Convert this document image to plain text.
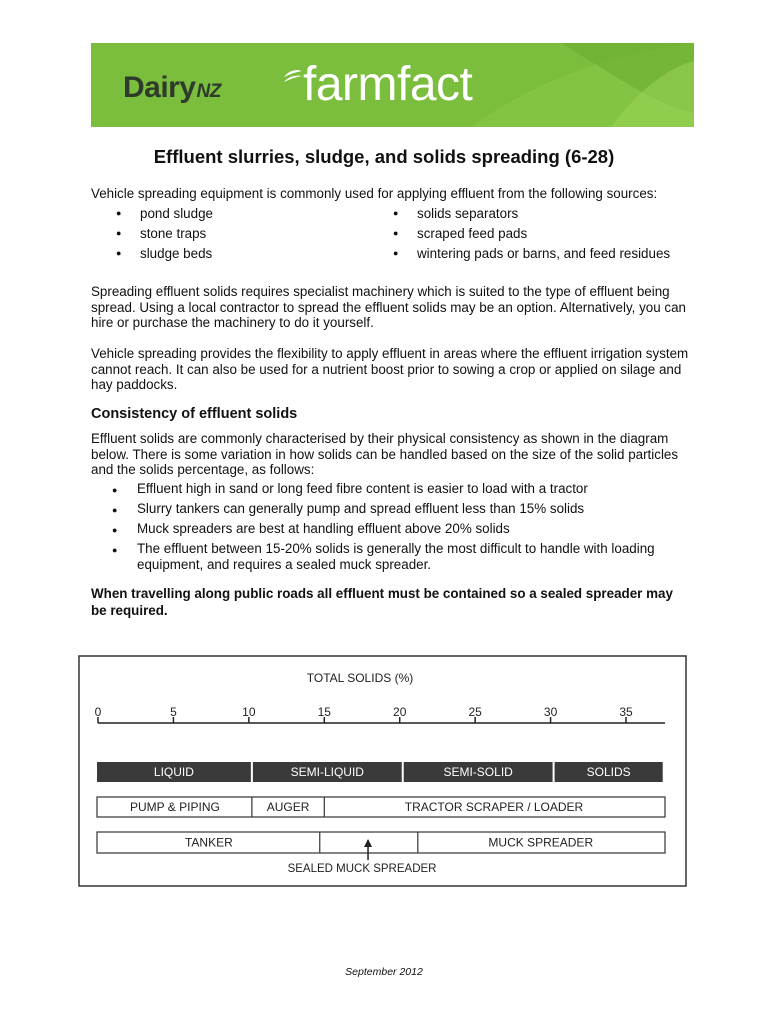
DairyNZ farmfact
Effluent slurries, sludge, and solids spreading (6-28)
Vehicle spreading equipment is commonly used for applying effluent from the following sources:
● pond sludge
● stone traps
● sludge beds
● solids separators
● scraped feed pads
● wintering pads or barns, and feed residues
Spreading effluent solids requires specialist machinery which is suited to the type of effluent being spread. Using a local contractor to spread the effluent solids may be an option. Alternatively, you can hire or purchase the machinery to do it yourself.
Vehicle spreading provides the flexibility to apply effluent in areas where the effluent irrigation system cannot reach. It can also be used for a nutrient boost prior to sowing a crop or applied on silage and hay paddocks.
Consistency of effluent solids
Effluent solids are commonly characterised by their physical consistency as shown in the diagram below. There is some variation in how solids can be handled based on the size of the solid particles and the solids percentage, as follows:
● Effluent high in sand or long feed fibre content is easier to load with a tractor
● Slurry tankers can generally pump and spread effluent less than 15% solids
● Muck spreaders are best at handling effluent above 20% solids
● The effluent between 15-20% solids is generally the most difficult to handle with loading equipment, and requires a sealed muck spreader.
When travelling along public roads all effluent must be contained so a sealed spreader may be required.
TOTAL SOLIDS (%)
0	5	10	15	20	25	30	35
LIQUID	SEMI-LIQUID	SEMI-SOLID	SOLIDS
PUMP & PIPING	AUGER	TRACTOR SCRAPER / LOADER
TANKER	MUCK SPREADER
SEALED MUCK SPREADER
September 2012
